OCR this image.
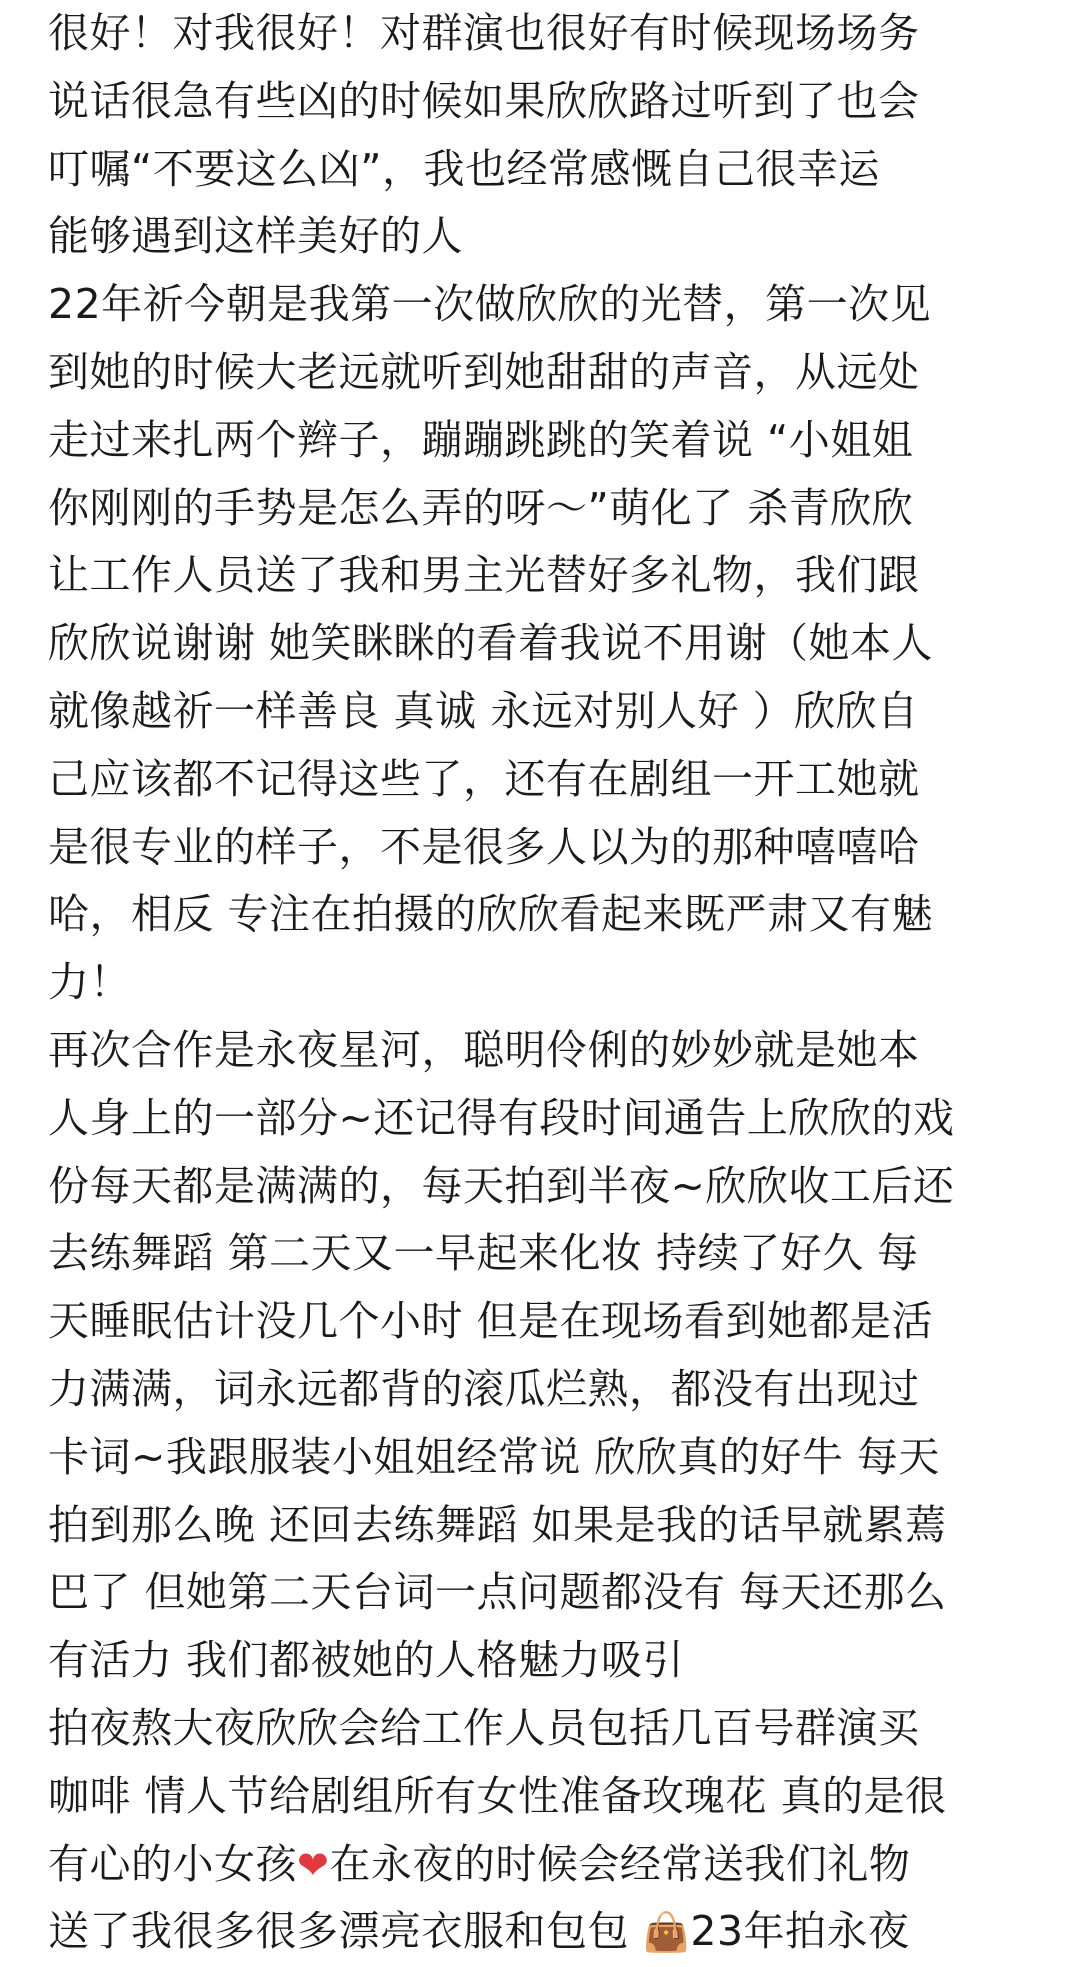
很好！对我很好！对群演也很好有时候现场场务
说话很急有些凶的时候如果欣欣路过听到了也会
叮嘱“不要这么凶”，我也经常感慨自己很幸运
能够遇到这样美好的人
22年祈今朝是我第一次做欣欣的光替，第一次见
到她的时候大老远就听到她甜甜的声音，从远处
走过来扎两个辫子，蹦蹦跳跳的笑着说 “小姐姐
你刚刚的手势是怎么弄的呀～”萌化了 杀青欣欣
让工作人员送了我和男主光替好多礼物，我们跟
欣欣说谢谢 她笑眯眯的看着我说不用谢（她本人
就像越祈一样善良 真诚 永远对别人好 ）欣欣自
己应该都不记得这些了，还有在剧组一开工她就
是很专业的样子，不是很多人以为的那种嘻嘻哈
哈，相反 专注在拍摄的欣欣看起来既严肃又有魅
力！
再次合作是永夜星河，聪明伶俐的妙妙就是她本
人身上的一部分~还记得有段时间通告上欣欣的戏
份每天都是满满的，每天拍到半夜~欣欣收工后还
去练舞蹈 第二天又一早起来化妆 持续了好久 每
天睡眠估计没几个小时 但是在现场看到她都是活
力满满，词永远都背的滚瓜烂熟，都没有出现过
卡词~我跟服装小姐姐经常说 欣欣真的好牛 每天
拍到那么晚 还回去练舞蹈 如果是我的话早就累蔫
巴了 但她第二天台词一点问题都没有 每天还那么
有活力 我们都被她的人格魅力吸引
拍夜熬大夜欣欣会给工作人员包括几百号群演买
咖啡 情人节给剧组所有女性准备玫瑰花 真的是很
有心的小女孩❤在永夜的时候会经常送我们礼物
送了我很多很多漂亮衣服和包包 👜23年拍永夜
